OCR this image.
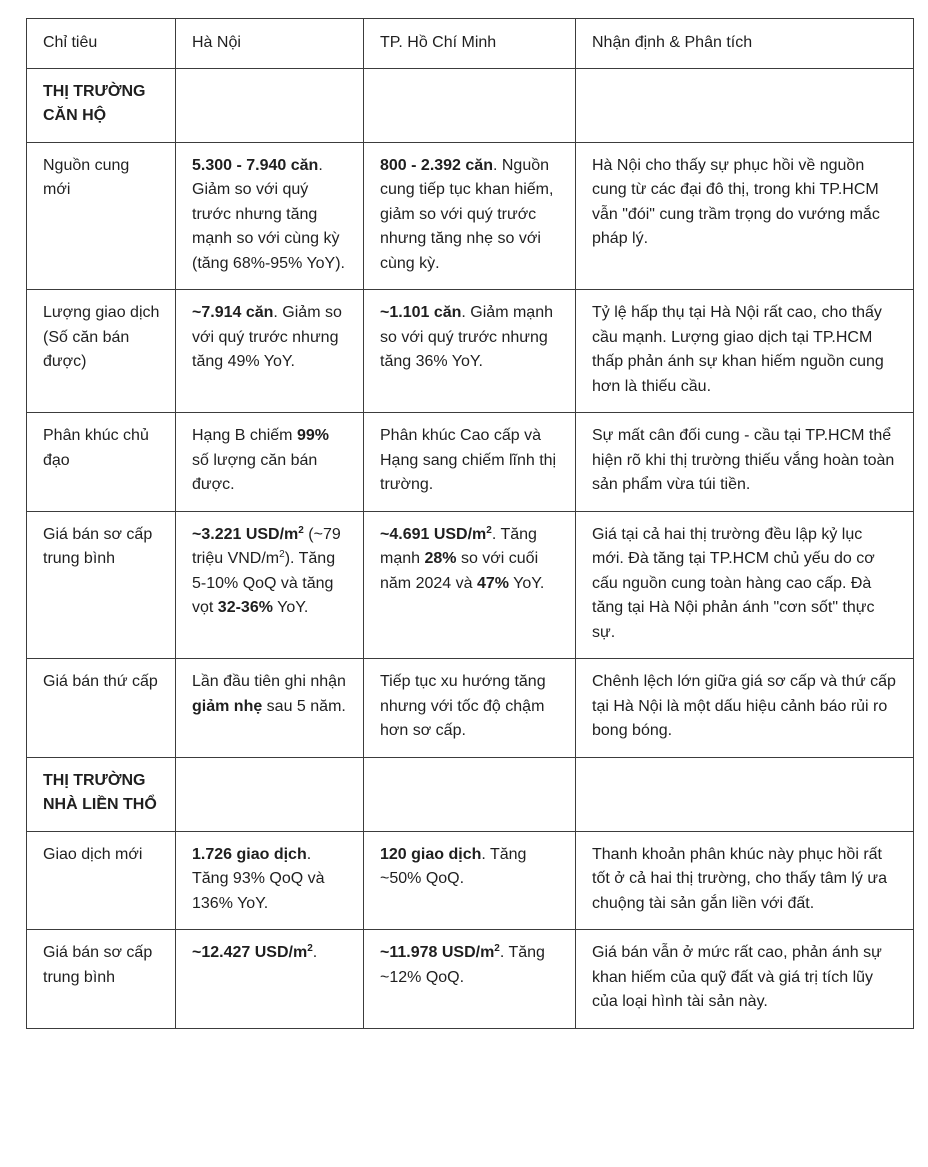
Chỉ tiêu	Hà Nội	TP. Hồ Chí Minh	Nhận định & Phân tích
THỊ TRƯỜNG CĂN HỘ			
Nguồn cung mới	5.300 - 7.940 căn. Giảm so với quý trước nhưng tăng mạnh so với cùng kỳ (tăng 68%-95% YoY).	800 - 2.392 căn. Nguồn cung tiếp tục khan hiếm, giảm so với quý trước nhưng tăng nhẹ so với cùng kỳ.	Hà Nội cho thấy sự phục hồi về nguồn cung từ các đại đô thị, trong khi TP.HCM vẫn "đói" cung trầm trọng do vướng mắc pháp lý.
Lượng giao dịch (Số căn bán được)	~7.914 căn. Giảm so với quý trước nhưng tăng 49% YoY.	~1.101 căn. Giảm mạnh so với quý trước nhưng tăng 36% YoY.	Tỷ lệ hấp thụ tại Hà Nội rất cao, cho thấy cầu mạnh. Lượng giao dịch tại TP.HCM thấp phản ánh sự khan hiếm nguồn cung hơn là thiếu cầu.
Phân khúc chủ đạo	Hạng B chiếm 99% số lượng căn bán được.	Phân khúc Cao cấp và Hạng sang chiếm lĩnh thị trường.	Sự mất cân đối cung - cầu tại TP.HCM thể hiện rõ khi thị trường thiếu vắng hoàn toàn sản phẩm vừa túi tiền.
Giá bán sơ cấp trung bình	~3.221 USD/$m^2$ (~79 triệu VND/$m^2$). Tăng 5-10% QoQ và tăng vọt 32-36% YoY.	~4.691 USD/$m^2$. Tăng mạnh 28% so với cuối năm 2024 và 47% YoY.	Giá tại cả hai thị trường đều lập kỷ lục mới. Đà tăng tại TP.HCM chủ yếu do cơ cấu nguồn cung toàn hàng cao cấp. Đà tăng tại Hà Nội phản ánh "cơn sốt" thực sự.
Giá bán thứ cấp	Lần đầu tiên ghi nhận giảm nhẹ sau 5 năm.	Tiếp tục xu hướng tăng nhưng với tốc độ chậm hơn sơ cấp.	Chênh lệch lớn giữa giá sơ cấp và thứ cấp tại Hà Nội là một dấu hiệu cảnh báo rủi ro bong bóng.
THỊ TRƯỜNG NHÀ LIỀN THỔ			
Giao dịch mới	1.726 giao dịch. Tăng 93% QoQ và 136% YoY.	120 giao dịch. Tăng ~50% QoQ.	Thanh khoản phân khúc này phục hồi rất tốt ở cả hai thị trường, cho thấy tâm lý ưa chuộng tài sản gắn liền với đất.
Giá bán sơ cấp trung bình	~12.427 USD/$m^2$.	~11.978 USD/$m^2$. Tăng ~12% QoQ.	Giá bán vẫn ở mức rất cao, phản ánh sự khan hiếm của quỹ đất và giá trị tích lũy của loại hình tài sản này.
